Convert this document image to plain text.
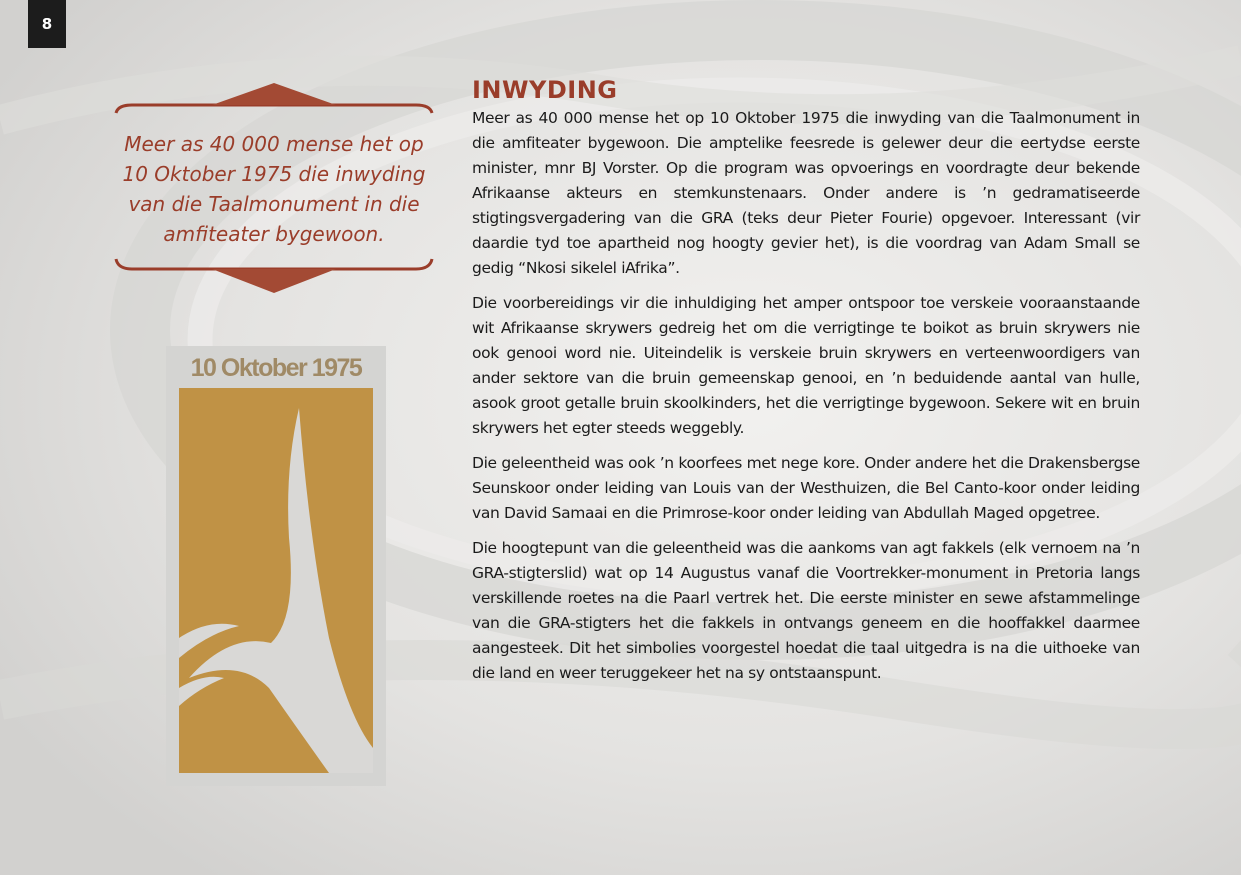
8
Meer as 40 000 mense het op 10 Oktober 1975 die inwyding van die Taalmonument in die amfiteater bygewoon.
10 Oktober 1975
INWYDING

Meer as 40 000 mense het op 10 Oktober 1975 die inwyding van die Taalmonument in die amfiteater bygewoon. Die amptelike feesrede is gelewer deur die eertydse eerste minister, mnr BJ Vorster. Op die program was opvoerings en voordragte deur bekende Afrikaanse akteurs en stemkunstenaars. Onder andere is ’n gedramatiseerde stigtingsvergadering van die GRA (teks deur Pieter Fourie) opgevoer. Interessant (vir daardie tyd toe apartheid nog hoogty gevier het), is die voordrag van Adam Small se gedig “Nkosi sikelel iAfrika”.

Die voorbereidings vir die inhuldiging het amper ontspoor toe verskeie vooraanstaande wit Afrikaanse skrywers gedreig het om die verrigtinge te boikot as bruin skrywers nie ook genooi word nie. Uiteindelik is verskeie bruin skrywers en verteenwoordigers van ander sektore van die bruin gemeenskap genooi, en ’n beduidende aantal van hulle, asook groot getalle bruin skoolkinders, het die verrigtinge bygewoon. Sekere wit en bruin skrywers het egter steeds weggebly.

Die geleentheid was ook ’n koorfees met nege kore. Onder andere het die Drakensbergse Seunskoor onder leiding van Louis van der Westhuizen, die Bel Canto-koor onder leiding van David Samaai en die Primrose-koor onder leiding van Abdullah Maged opgetree.

Die hoogtepunt van die geleentheid was die aankoms van agt fakkels (elk vernoem na ’n GRA-stigterslid) wat op 14 Augustus vanaf die Voortrekker-monument in Pretoria langs verskillende roetes na die Paarl vertrek het. Die eerste minister en sewe afstammelinge van die GRA-stigters het die fakkels in ontvangs geneem en die hooffakkel daarmee aangesteek. Dit het simbolies voorgestel hoedat die taal uitgedra is na die uithoeke van die land en weer teruggekeer het na sy ontstaanspunt.
